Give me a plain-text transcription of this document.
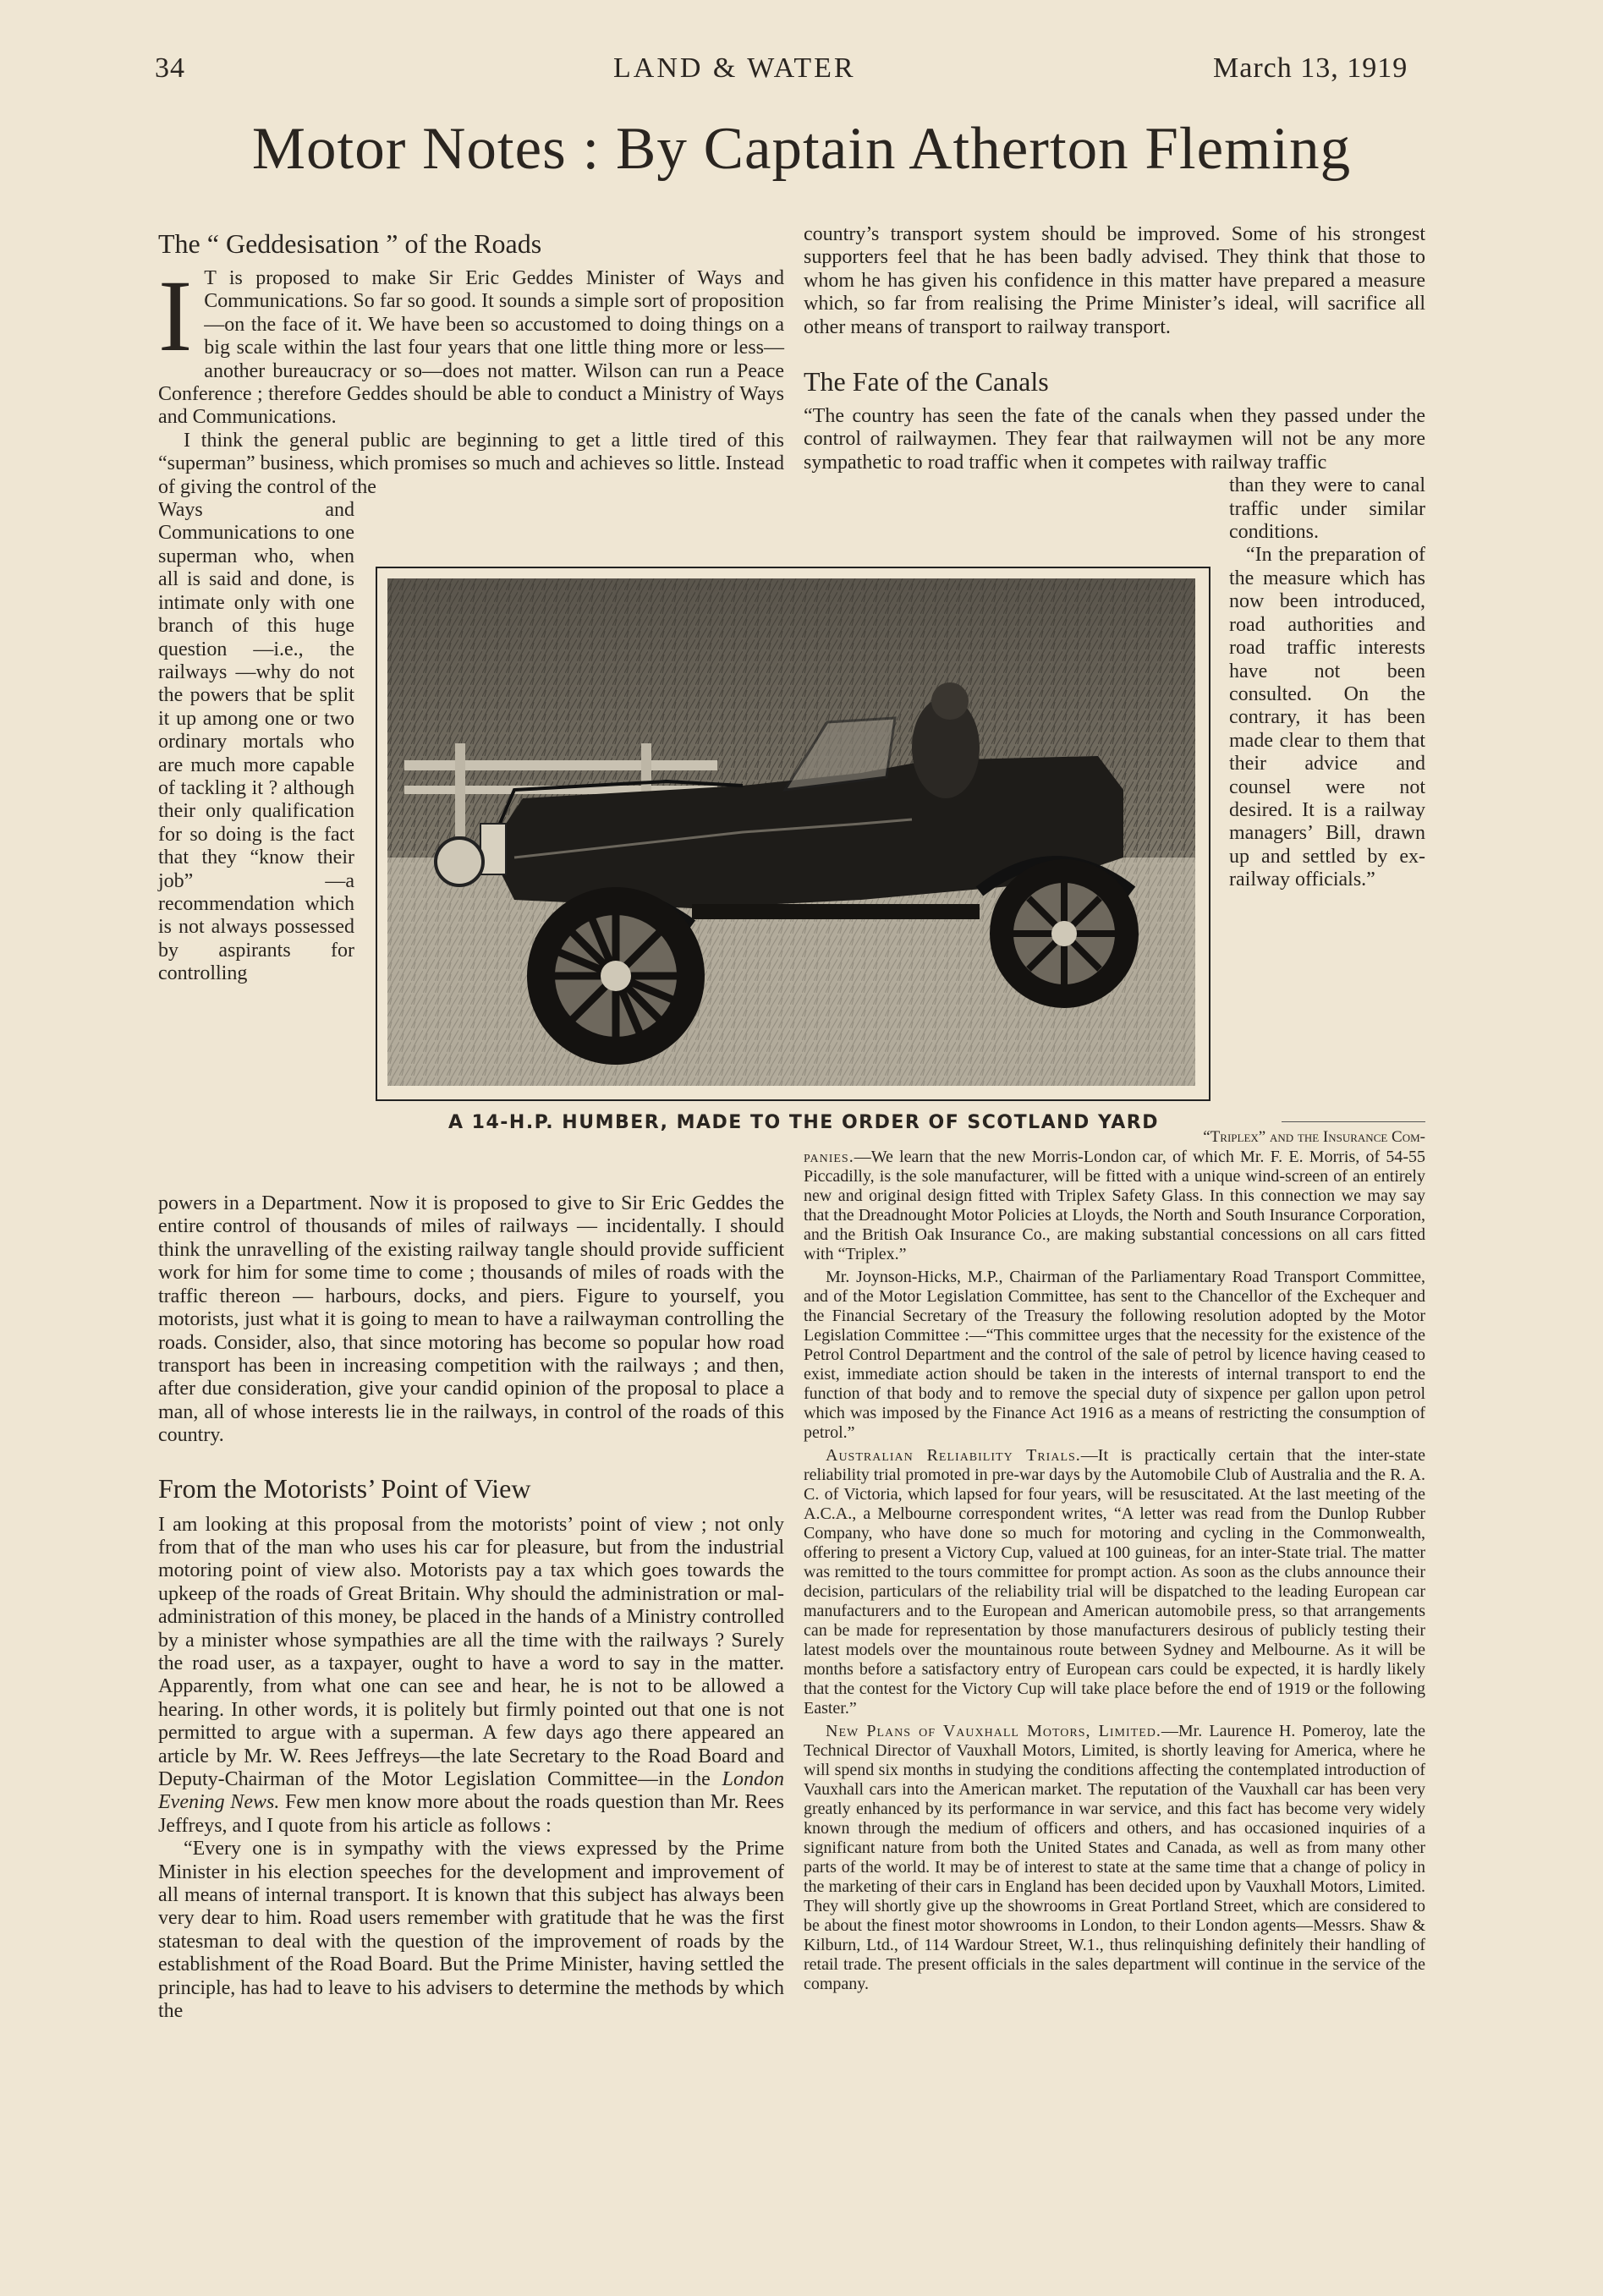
34	LAND & WATER	March 13, 1919
Motor Notes : By Captain Atherton Fleming
The “ Geddesisation ” of the Roads

I T is proposed to make Sir Eric Geddes Minister of Ways and Communications. So far so good. It sounds a simple sort of proposition—on the face of it. We have been so accustomed to doing things on a big scale within the last four years that one little thing more or less—another bureaucracy or so—does not matter. Wilson can run a Peace Conference ; therefore Geddes should be able to conduct a Ministry of Ways and Communications.

I think the general public are beginning to get a little tired of this “superman” business, which promises so much and achieves so little. Instead of giving the control of the

Ways and Communications to one superman who, when all is said and done, is intimate only with one branch of this huge question —i.e., the railways —why do not the powers that be split it up among one or two ordinary mortals who are much more capable of tackling it ? although their only qualification for so doing is the fact that they “know their job” —a recommendation which is not always possessed by aspirants for controlling

powers in a Department. Now it is proposed to give to Sir Eric Geddes the entire control of thousands of miles of railways — incidentally. I should think the unravelling of the existing railway tangle should provide sufficient work for him for some time to come ; thousands of miles of roads with the traffic thereon — harbours, docks, and piers. Figure to yourself, you motorists, just what it is going to mean to have a railwayman controlling the roads. Consider, also, that since motoring has become so popular how road transport has been in increasing competition with the railways ; and then, after due consideration, give your candid opinion of the proposal to place a man, all of whose interests lie in the railways, in control of the roads of this country.

From the Motorists’ Point of View

I am looking at this proposal from the motorists’ point of view ; not only from that of the man who uses his car for pleasure, but from the industrial motoring point of view also. Motorists pay a tax which goes towards the upkeep of the roads of Great Britain. Why should the administration or mal-administration of this money, be placed in the hands of a Ministry controlled by a minister whose sympathies are all the time with the railways ? Surely the road user, as a taxpayer, ought to have a word to say in the matter. Apparently, from what one can see and hear, he is not to be allowed a hearing. In other words, it is politely but firmly pointed out that one is not permitted to argue with a superman. A few days ago there appeared an article by Mr. W. Rees Jeffreys—the late Secretary to the Road Board and Deputy-Chairman of the Motor Legislation Committee—in the London Evening News. Few men know more about the roads question than Mr. Rees Jeffreys, and I quote from his article as follows :

“Every one is in sympathy with the views expressed by the Prime Minister in his election speeches for the development and improvement of all means of internal transport. It is known that this subject has always been very dear to him. Road users remember with gratitude that he was the first statesman to deal with the question of the improvement of roads by the establishment of the Road Board. But the Prime Minister, having settled the principle, has had to leave to his advisers to determine the methods by which the

country’s transport system should be improved. Some of his strongest supporters feel that he has been badly advised. They think that those to whom he has given his confidence in this matter have prepared a measure which, so far from realising the Prime Minister’s ideal, will sacrifice all other means of transport to railway transport.

The Fate of the Canals

“The country has seen the fate of the canals when they passed under the control of railwaymen. They fear that railwaymen will not be any more sympathetic to road traffic when it competes with railway traffic

than they were to canal traffic under similar conditions.

“In the preparation of the measure which has now been introduced, road authorities and road traffic interests have not been consulted. On the contrary, it has been made clear to them that their advice and counsel were not desired. It is a railway managers’ Bill, drawn up and settled by ex-railway officials.”

A 14-H.P. HUMBER, MADE TO THE ORDER OF SCOTLAND YARD
“Triplex” and the Insurance Com-

panies.—We learn that the new Morris-London car, of which Mr. F. E. Morris, of 54-55 Piccadilly, is the sole manufacturer, will be fitted with a unique wind-screen of an entirely new and original design fitted with Triplex Safety Glass. In this connection we may say that the Dreadnought Motor Policies at Lloyds, the North and South Insurance Corporation, and the British Oak Insurance Co., are making substantial concessions on all cars fitted with “Triplex.”

Mr. Joynson-Hicks, M.P., Chairman of the Parliamentary Road Transport Committee, and of the Motor Legislation Committee, has sent to the Chancellor of the Exchequer and the Financial Secretary of the Treasury the following resolution adopted by the Motor Legislation Committee :—“This committee urges that the necessity for the existence of the Petrol Control Department and the control of the sale of petrol by licence having ceased to exist, immediate action should be taken in the interests of internal transport to end the function of that body and to remove the special duty of sixpence per gallon upon petrol which was imposed by the Finance Act 1916 as a means of restricting the consumption of petrol.”

Australian Reliability Trials.—It is practically certain that the inter-state reliability trial promoted in pre-war days by the Automobile Club of Australia and the R. A. C. of Victoria, which lapsed for four years, will be resuscitated. At the last meeting of the A.C.A., a Melbourne correspondent writes, “A letter was read from the Dunlop Rubber Company, who have done so much for motoring and cycling in the Commonwealth, offering to present a Victory Cup, valued at 100 guineas, for an inter-State trial. The matter was remitted to the tours committee for prompt action. As soon as the clubs announce their decision, particulars of the reliability trial will be dispatched to the leading European car manufacturers and to the European and American automobile press, so that arrangements can be made for representation by those manufacturers desirous of publicly testing their latest models over the mountainous route between Sydney and Melbourne. As it will be months before a satisfactory entry of European cars could be expected, it is hardly likely that the contest for the Victory Cup will take place before the end of 1919 or the following Easter.”

New Plans of Vauxhall Motors, Limited.—Mr. Laurence H. Pomeroy, late the Technical Director of Vauxhall Motors, Limited, is shortly leaving for America, where he will spend six months in studying the conditions affecting the contemplated introduction of Vauxhall cars into the American market. The reputation of the Vauxhall car has been very greatly enhanced by its performance in war service, and this fact has become very widely known through the medium of officers and others, and has occasioned inquiries of a significant nature from both the United States and Canada, as well as from many other parts of the world. It may be of interest to state at the same time that a change of policy in the marketing of their cars in England has been decided upon by Vauxhall Motors, Limited. They will shortly give up the showrooms in Great Portland Street, which are considered to be about the finest motor showrooms in London, to their London agents—Messrs. Shaw & Kilburn, Ltd., of 114 Wardour Street, W.1., thus relinquishing definitely their handling of retail trade. The present officials in the sales department will continue in the service of the company.
